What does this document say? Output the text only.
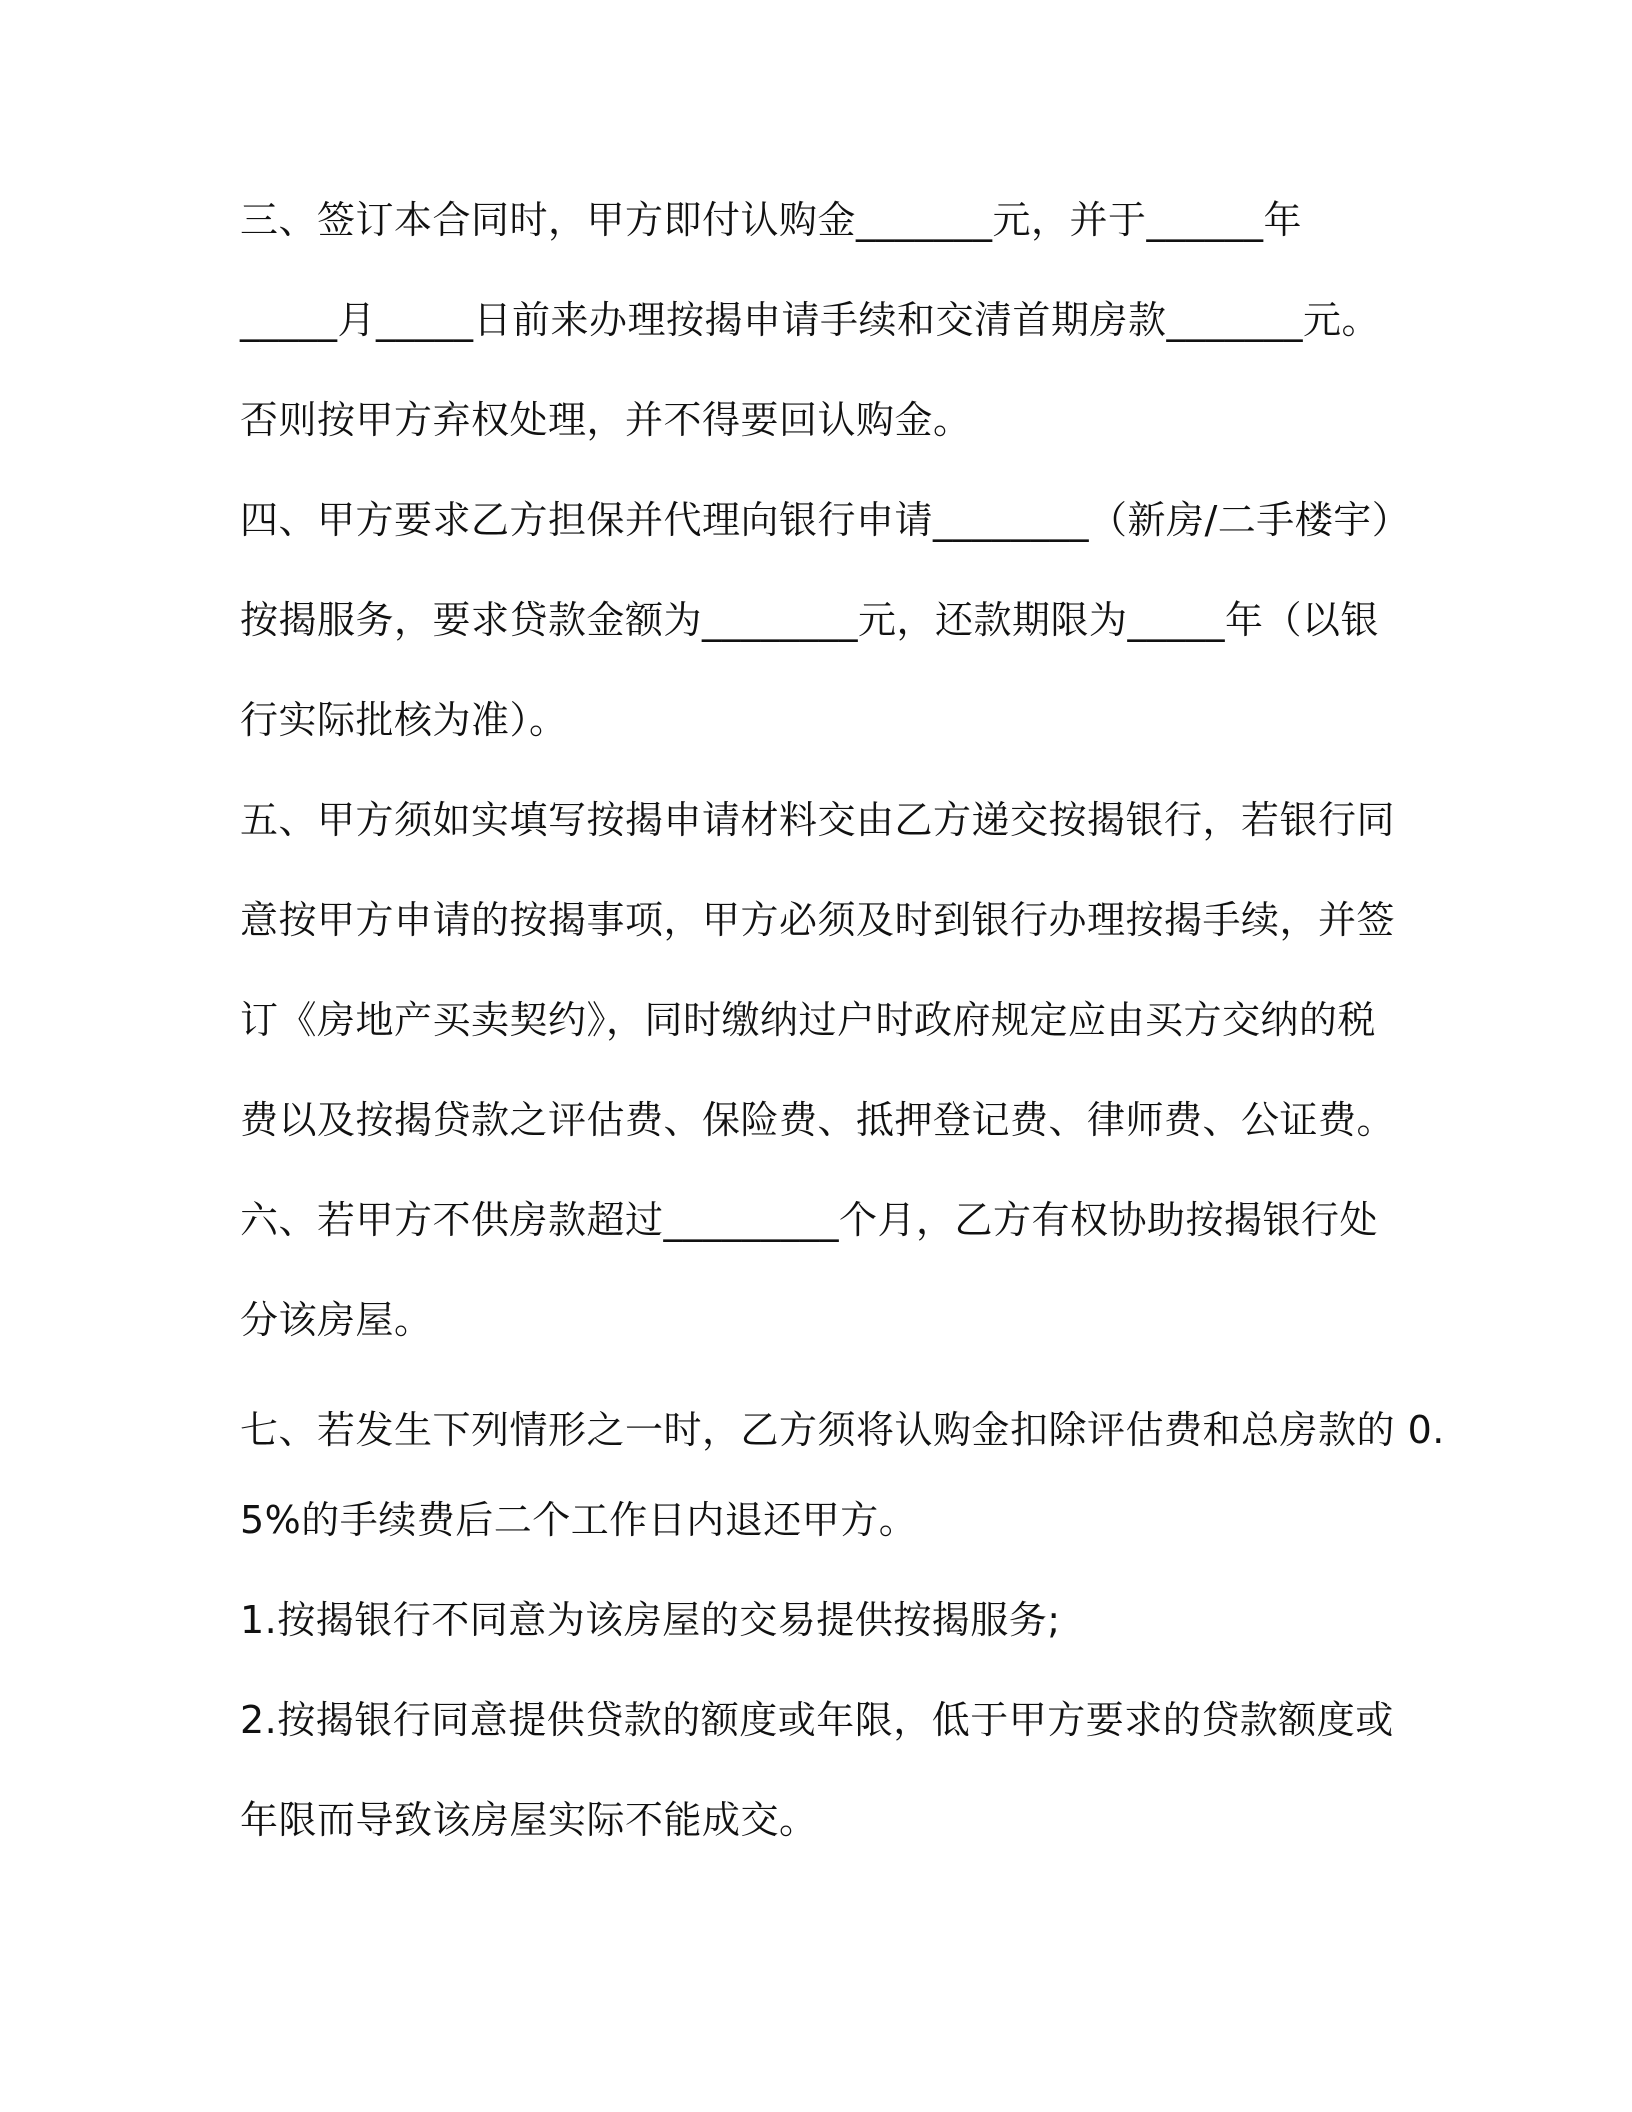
三、签订本合同时，甲方即付认购金_______元，并于______年
_____月_____日前来办理按揭申请手续和交清首期房款_______元。
否则按甲方弃权处理，并不得要回认购金。
四、甲方要求乙方担保并代理向银行申请________（新房/二手楼宇）
按揭服务，要求贷款金额为________元，还款期限为_____年（以银
行实际批核为准）。
五、甲方须如实填写按揭申请材料交由乙方递交按揭银行，若银行同
意按甲方申请的按揭事项，甲方必须及时到银行办理按揭手续，并签
订《房地产买卖契约》，同时缴纳过户时政府规定应由买方交纳的税
费以及按揭贷款之评估费、保险费、抵押登记费、律师费、公证费。
六、若甲方不供房款超过_________个月，乙方有权协助按揭银行处
分该房屋。
七、若发生下列情形之一时，乙方须将认购金扣除评估费和总房款的 0.
5%的手续费后二个工作日内退还甲方。
1.按揭银行不同意为该房屋的交易提供按揭服务;
2.按揭银行同意提供贷款的额度或年限，低于甲方要求的贷款额度或
年限而导致该房屋实际不能成交。
